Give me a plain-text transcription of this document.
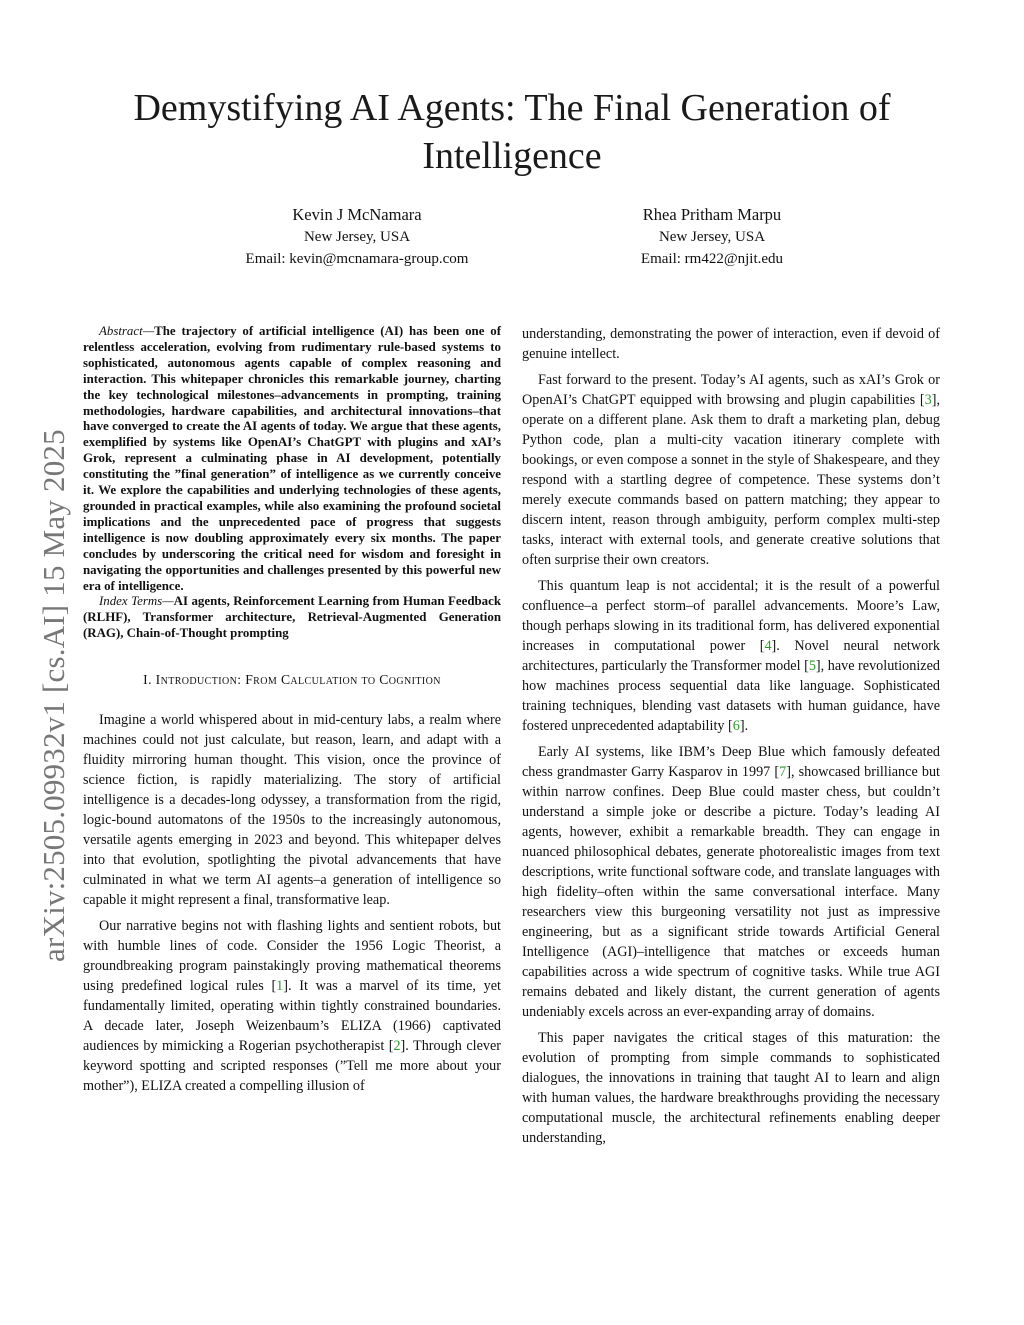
Demystifying AI Agents: The Final Generation of Intelligence
Kevin J McNamara
New Jersey, USA
Email: kevin@mcnamara-group.com
Rhea Pritham Marpu
New Jersey, USA
Email: rm422@njit.edu
arXiv:2505.09932v1 [cs.AI] 15 May 2025

Abstract—The trajectory of artificial intelligence (AI) has been one of relentless acceleration, evolving from rudimentary rule-based systems to sophisticated, autonomous agents capable of complex reasoning and interaction. This whitepaper chronicles this remarkable journey, charting the key technological milestones–advancements in prompting, training methodologies, hardware capabilities, and architectural innovations–that have converged to create the AI agents of today. We argue that these agents, exemplified by systems like OpenAI’s ChatGPT with plugins and xAI’s Grok, represent a culminating phase in AI development, potentially constituting the ”final generation” of intelligence as we currently conceive it. We explore the capabilities and underlying technologies of these agents, grounded in practical examples, while also examining the profound societal implications and the unprecedented pace of progress that suggests intelligence is now doubling approximately every six months. The paper concludes by underscoring the critical need for wisdom and foresight in navigating the opportunities and challenges presented by this powerful new era of intelligence.

Index Terms—AI agents, Reinforcement Learning from Human Feedback (RLHF), Transformer architecture, Retrieval-Augmented Generation (RAG), Chain-of-Thought prompting

I. Introduction: From Calculation to Cognition

Imagine a world whispered about in mid-century labs, a realm where machines could not just calculate, but reason, learn, and adapt with a fluidity mirroring human thought. This vision, once the province of science fiction, is rapidly materializing. The story of artificial intelligence is a decades-long odyssey, a transformation from the rigid, logic-bound automatons of the 1950s to the increasingly autonomous, versatile agents emerging in 2023 and beyond. This whitepaper delves into that evolution, spotlighting the pivotal advancements that have culminated in what we term AI agents–a generation of intelligence so capable it might represent a final, transformative leap.

Our narrative begins not with flashing lights and sentient robots, but with humble lines of code. Consider the 1956 Logic Theorist, a groundbreaking program painstakingly proving mathematical theorems using predefined logical rules [1]. It was a marvel of its time, yet fundamentally limited, operating within tightly constrained boundaries. A decade later, Joseph Weizenbaum’s ELIZA (1966) captivated audiences by mimicking a Rogerian psychotherapist [2]. Through clever keyword spotting and scripted responses (”Tell me more about your mother”), ELIZA created a compelling illusion of

understanding, demonstrating the power of interaction, even if devoid of genuine intellect.

Fast forward to the present. Today’s AI agents, such as xAI’s Grok or OpenAI’s ChatGPT equipped with browsing and plugin capabilities [3], operate on a different plane. Ask them to draft a marketing plan, debug Python code, plan a multi-city vacation itinerary complete with bookings, or even compose a sonnet in the style of Shakespeare, and they respond with a startling degree of competence. These systems don’t merely execute commands based on pattern matching; they appear to discern intent, reason through ambiguity, perform complex multi-step tasks, interact with external tools, and generate creative solutions that often surprise their own creators.

This quantum leap is not accidental; it is the result of a powerful confluence–a perfect storm–of parallel advancements. Moore’s Law, though perhaps slowing in its traditional form, has delivered exponential increases in computational power [4]. Novel neural network architectures, particularly the Transformer model [5], have revolutionized how machines process sequential data like language. Sophisticated training techniques, blending vast datasets with human guidance, have fostered unprecedented adaptability [6].

Early AI systems, like IBM’s Deep Blue which famously defeated chess grandmaster Garry Kasparov in 1997 [7], showcased brilliance but within narrow confines. Deep Blue could master chess, but couldn’t understand a simple joke or describe a picture. Today’s leading AI agents, however, exhibit a remarkable breadth. They can engage in nuanced philosophical debates, generate photorealistic images from text descriptions, write functional software code, and translate languages with high fidelity–often within the same conversational interface. Many researchers view this burgeoning versatility not just as impressive engineering, but as a significant stride towards Artificial General Intelligence (AGI)–intelligence that matches or exceeds human capabilities across a wide spectrum of cognitive tasks. While true AGI remains debated and likely distant, the current generation of agents undeniably excels across an ever-expanding array of domains.

This paper navigates the critical stages of this maturation: the evolution of prompting from simple commands to sophisticated dialogues, the innovations in training that taught AI to learn and align with human values, the hardware breakthroughs providing the necessary computational muscle, the architectural refinements enabling deeper understanding,
